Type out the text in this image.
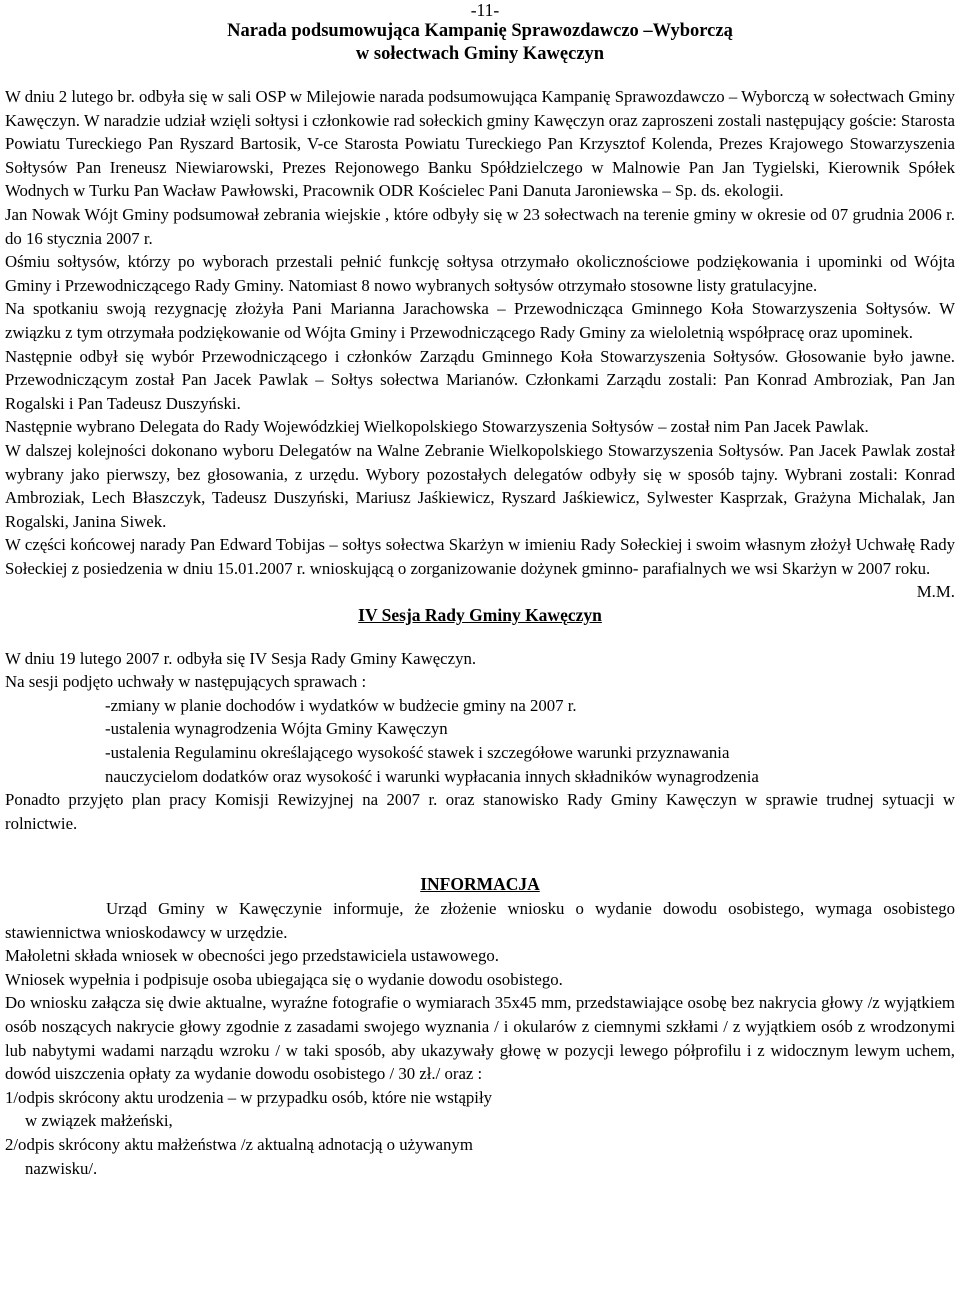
-11-
Narada podsumowująca Kampanię Sprawozdawczo –Wyborczą
w sołectwach Gminy Kawęczyn

W dniu 2 lutego br. odbyła się w sali OSP w Milejowie narada podsumowująca Kampanię Sprawozdawczo – Wyborczą w sołectwach Gminy Kawęczyn. W naradzie udział wzięli sołtysi i członkowie rad sołeckich gminy Kawęczyn oraz zaproszeni zostali następujący goście: Starosta Powiatu Tureckiego Pan Ryszard Bartosik, V-ce Starosta Powiatu Tureckiego Pan Krzysztof Kolenda, Prezes Krajowego Stowarzyszenia Sołtysów Pan Ireneusz Niewiarowski, Prezes Rejonowego Banku Spółdzielczego w Malnowie Pan Jan Tygielski, Kierownik Spółek Wodnych w Turku Pan Wacław Pawłowski, Pracownik ODR Kościelec Pani Danuta Jaroniewska – Sp. ds. ekologii.

Jan Nowak Wójt Gminy podsumował zebrania wiejskie , które odbyły się w 23 sołectwach na terenie gminy w okresie od 07 grudnia 2006 r. do 16 stycznia 2007 r.

Ośmiu sołtysów, którzy po wyborach przestali pełnić funkcję sołtysa otrzymało okolicznościowe podziękowania i upominki od Wójta Gminy i Przewodniczącego Rady Gminy. Natomiast 8 nowo wybranych sołtysów otrzymało stosowne listy gratulacyjne.

Na spotkaniu swoją rezygnację złożyła Pani Marianna Jarachowska – Przewodnicząca Gminnego Koła Stowarzyszenia Sołtysów. W związku z tym otrzymała podziękowanie od Wójta Gminy i Przewodniczącego Rady Gminy za wieloletnią współpracę oraz upominek.

Następnie odbył się wybór Przewodniczącego i członków Zarządu Gminnego Koła Stowarzyszenia Sołtysów. Głosowanie było jawne. Przewodniczącym został Pan Jacek Pawlak – Sołtys sołectwa Marianów. Członkami Zarządu zostali: Pan Konrad Ambroziak, Pan Jan Rogalski i Pan Tadeusz Duszyński.

Następnie wybrano Delegata do Rady Wojewódzkiej Wielkopolskiego Stowarzyszenia Sołtysów – został nim Pan Jacek Pawlak.

W dalszej kolejności dokonano wyboru Delegatów na Walne Zebranie Wielkopolskiego Stowarzyszenia Sołtysów. Pan Jacek Pawlak został wybrany jako pierwszy, bez głosowania, z urzędu. Wybory pozostałych delegatów odbyły się w sposób tajny. Wybrani zostali: Konrad Ambroziak, Lech Błaszczyk, Tadeusz Duszyński, Mariusz Jaśkiewicz, Ryszard Jaśkiewicz, Sylwester Kasprzak, Grażyna Michalak, Jan Rogalski, Janina Siwek.

W części końcowej narady Pan Edward Tobijas – sołtys sołectwa Skarżyn w imieniu Rady Sołeckiej i swoim własnym złożył Uchwałę Rady Sołeckiej z posiedzenia w dniu 15.01.2007 r. wnioskującą o zorganizowanie dożynek gminno- parafialnych we wsi Skarżyn w 2007 roku.

M.M.

IV Sesja Rady Gminy Kawęczyn

W dniu 19 lutego 2007 r. odbyła się IV Sesja Rady Gminy Kawęczyn.

Na sesji podjęto uchwały w następujących sprawach :

-zmiany w planie dochodów i wydatków w budżecie gminy na 2007 r.

-ustalenia wynagrodzenia Wójta Gminy Kawęczyn

-ustalenia Regulaminu określającego wysokość stawek i szczegółowe warunki przyznawania

nauczycielom dodatków oraz wysokość i warunki wypłacania innych składników wynagrodzenia

Ponadto przyjęto plan pracy Komisji Rewizyjnej na 2007 r. oraz stanowisko Rady Gminy Kawęczyn w sprawie trudnej sytuacji w rolnictwie.

INFORMACJA

Urząd Gminy w Kawęczynie informuje, że złożenie wniosku o wydanie dowodu osobistego, wymaga osobistego stawiennictwa wnioskodawcy w urzędzie.

Małoletni składa wniosek w obecności jego przedstawiciela ustawowego.

Wniosek wypełnia i podpisuje osoba ubiegająca się o wydanie dowodu osobistego.

Do wniosku załącza się dwie aktualne, wyraźne fotografie o wymiarach 35x45 mm, przedstawiające osobę bez nakrycia głowy /z wyjątkiem osób noszących nakrycie głowy zgodnie z zasadami swojego wyznania / i okularów z ciemnymi szkłami / z wyjątkiem osób z wrodzonymi lub nabytymi wadami narządu wzroku / w taki sposób, aby ukazywały głowę w pozycji lewego półprofilu i z widocznym lewym uchem, dowód uiszczenia opłaty za wydanie dowodu osobistego / 30 zł./ oraz :

1/odpis skrócony aktu urodzenia – w przypadku osób, które nie wstąpiły

w związek małżeński,

2/odpis skrócony aktu małżeństwa /z aktualną adnotacją o używanym

nazwisku/.
